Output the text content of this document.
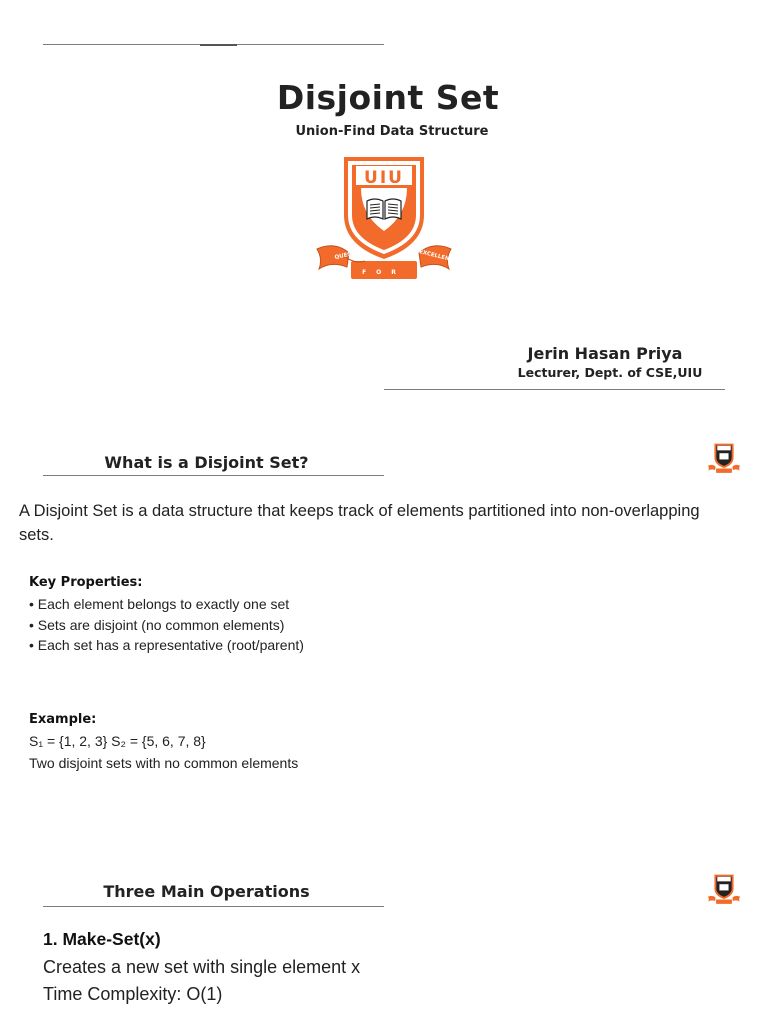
Disjoint Set
Union-Find Data Structure
UIU
FOR
QUEST	EXCELLENCE
Jerin Hasan Priya
Lecturer, Dept. of CSE,UIU
What is a Disjoint Set?
A Disjoint Set is a data structure that keeps track of elements partitioned into non-overlapping sets.
Key Properties:
• Each element belongs to exactly one set
• Sets are disjoint (no common elements)
• Each set has a representative (root/parent)
Example:
S₁ = {1, 2, 3} S₂ = {5, 6, 7, 8}
Two disjoint sets with no common elements
Three Main Operations
1. Make-Set(x)
Creates a new set with single element x
Time Complexity: O(1)
